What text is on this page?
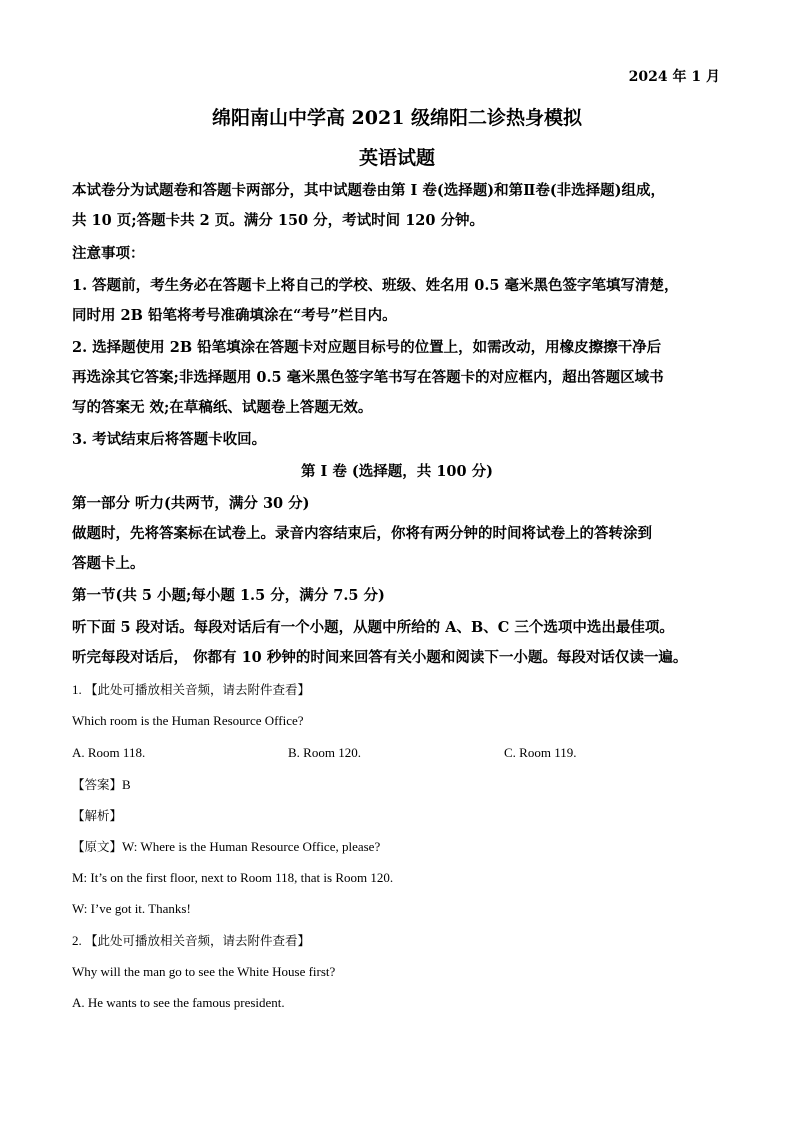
2024 年 1 月
绵阳南山中学高 2021 级绵阳二诊热身模拟
英语试题
本试卷分为试题卷和答题卡两部分，其中试题卷由第 I 卷(选择题)和第Ⅱ卷(非选择题)组成，
共 10 页;答题卡共 2 页。满分 150 分，考试时间 120 分钟。
注意事项：
1. 答题前，考生务必在答题卡上将自己的学校、班级、姓名用 0.5 毫米黑色签字笔填写清楚，
同时用 2B 铅笔将考号准确填涂在“考号”栏目内。
2. 选择题使用 2B 铅笔填涂在答题卡对应题目标号的位置上，如需改动，用橡皮擦擦干净后
再选涂其它答案;非选择题用 0.5 毫米黑色签字笔书写在答题卡的对应框内，超出答题区域书
写的答案无 效;在草稿纸、试题卷上答题无效。
3. 考试结束后将答题卡收回。
第 I 卷 (选择题，共 100 分)
第一部分 听力(共两节，满分 30 分)
做题时，先将答案标在试卷上。录音内容结束后，你将有两分钟的时间将试卷上的答转涂到
答题卡上。
第一节(共 5 小题;每小题 1.5 分，满分 7.5 分)
听下面 5 段对话。每段对话后有一个小题，从题中所给的 A、B、C 三个选项中选出最佳项。
听完每段对话后， 你都有 10 秒钟的时间来回答有关小题和阅读下一小题。每段对话仅读一遍。
1. 【此处可播放相关音频，请去附件查看】
Which room is the Human Resource Office?
A. Room 118.	B. Room 120.	C. Room 119.
【答案】B
【解析】
【原文】W: Where is the Human Resource Office, please?
M: It’s on the first floor, next to Room 118, that is Room 120.
W: I’ve got it. Thanks!
2. 【此处可播放相关音频，请去附件查看】
Why will the man go to see the White House first?
A. He wants to see the famous president.
